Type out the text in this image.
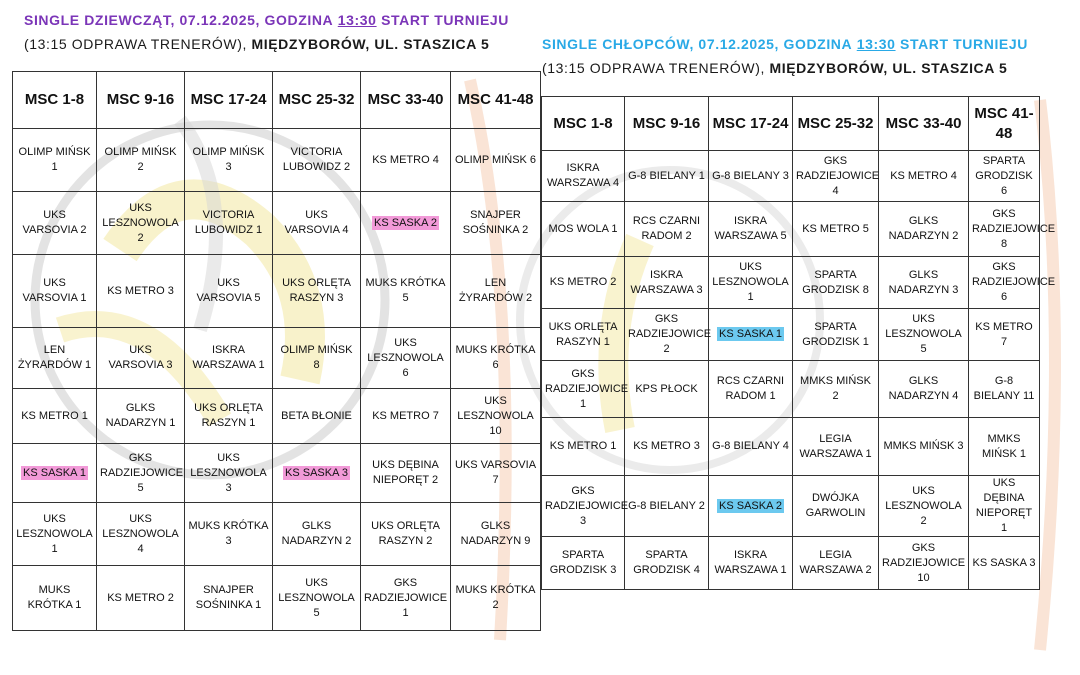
SINGLE DZIEWCZĄT, 07.12.2025, GODZINA 13:30 START TURNIEJU (13:15 ODPRAWA TRENERÓW), MIĘDZYBORÓW, UL. STASZICA 5	SINGLE CHŁOPCÓW, 07.12.2025, GODZINA 13:30 START TURNIEJU (13:15 ODPRAWA TRENERÓW), MIĘDZYBORÓW, UL. STASZICA 5
MSC 1-8	MSC 9-16	MSC 17-24	MSC 25-32	MSC 33-40	MSC 41-48
OLIMP MIŃSK 1	OLIMP MIŃSK 2	OLIMP MIŃSK 3	VICTORIA LUBOWIDZ 2	KS METRO 4	OLIMP MIŃSK 6
UKS VARSOVIA 2	UKS LESZNOWOLA 2	VICTORIA LUBOWIDZ 1	UKS VARSOVIA 4	KS SASKA 2	SNAJPER SOŚNINKA 2
UKS VARSOVIA 1	KS METRO 3	UKS VARSOVIA 5	UKS ORLĘTA RASZYN 3	MUKS KRÓTKA 5	LEN ŻYRARDÓW 2
LEN ŻYRARDÓW 1	UKS VARSOVIA 3	ISKRA WARSZAWA 1	OLIMP MIŃSK 8	UKS LESZNOWOLA 6	MUKS KRÓTKA 6
KS METRO 1	GLKS NADARZYN 1	UKS ORLĘTA RASZYN 1	BETA BŁONIE	KS METRO 7	UKS LESZNOWOLA 10
KS SASKA 1	GKS RADZIEJOWICE 5	UKS LESZNOWOLA 3	KS SASKA 3	UKS DĘBINA NIEPORĘT 2	UKS VARSOVIA 7
UKS LESZNOWOLA 1	UKS LESZNOWOLA 4	MUKS KRÓTKA 3	GLKS NADARZYN 2	UKS ORLĘTA RASZYN 2	GLKS NADARZYN 9
MUKS KRÓTKA 1	KS METRO 2	SNAJPER SOŚNINKA 1	UKS LESZNOWOLA 5	GKS RADZIEJOWICE 1	MUKS KRÓTKA 2
MSC 1-8	MSC 9-16	MSC 17-24	MSC 25-32	MSC 33-40	MSC 41-48
ISKRA WARSZAWA 4	G-8 BIELANY 1	G-8 BIELANY 3	GKS RADZIEJOWICE 4	KS METRO 4	SPARTA GRODZISK 6
MOS WOLA 1	RCS CZARNI RADOM 2	ISKRA WARSZAWA 5	KS METRO 5	GLKS NADARZYN 2	GKS RADZIEJOWICE 8
KS METRO 2	ISKRA WARSZAWA 3	UKS LESZNOWOLA 1	SPARTA GRODZISK 8	GLKS NADARZYN 3	GKS RADZIEJOWICE 6
UKS ORLĘTA RASZYN 1	GKS RADZIEJOWICE 2	KS SASKA 1	SPARTA GRODZISK 1	UKS LESZNOWOLA 5	KS METRO 7
GKS RADZIEJOWICE 1	KPS PŁOCK	RCS CZARNI RADOM 1	MMKS MIŃSK 2	GLKS NADARZYN 4	G-8 BIELANY 11
KS METRO 1	KS METRO 3	G-8 BIELANY 4	LEGIA WARSZAWA 1	MMKS MIŃSK 3	MMKS MIŃSK 1
GKS RADZIEJOWICE 3	G-8 BIELANY 2	KS SASKA 2	DWÓJKA GARWOLIN	UKS LESZNOWOLA 2	UKS DĘBINA NIEPORĘT 1
SPARTA GRODZISK 3	SPARTA GRODZISK 4	ISKRA WARSZAWA 1	LEGIA WARSZAWA 2	GKS RADZIEJOWICE 10	KS SASKA 3
